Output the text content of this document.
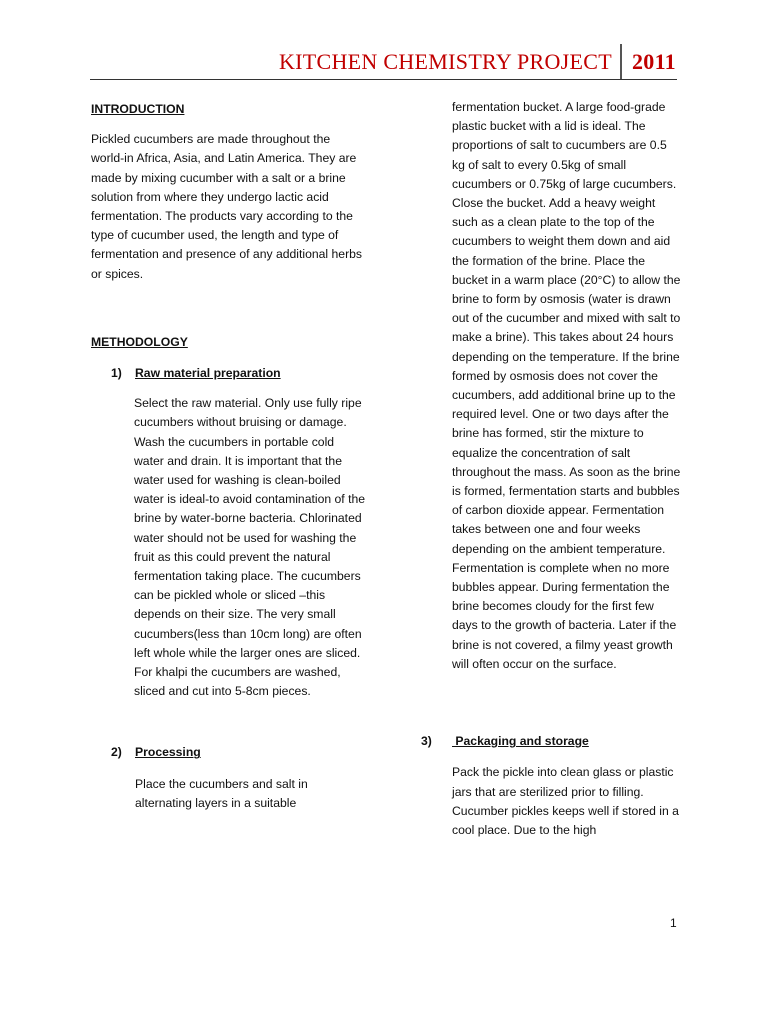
KITCHEN CHEMISTRY PROJECT 2011

INTRODUCTION

Pickled cucumbers are made throughout the world-in Africa, Asia, and Latin America. They are made by mixing cucumber with a salt or a brine solution from where they undergo lactic acid fermentation. The products vary according to the type of cucumber used, the length and type of fermentation and presence of any additional herbs or spices.

METHODOLOGY

1)	Raw material preparation

Select the raw material. Only use fully ripe cucumbers without bruising or damage. Wash the cucumbers in portable cold water and drain. It is important that the water used for washing is clean-boiled water is ideal-to avoid contamination of the brine by water-borne bacteria. Chlorinated water should not be used for washing the fruit as this could prevent the natural fermentation taking place. The cucumbers can be pickled whole or sliced –this depends on their size. The very small cucumbers(less than 10cm long) are often left whole while the larger ones are sliced. For khalpi the cucumbers are washed, sliced and cut into 5-8cm pieces.

2)	Processing

Place the cucumbers and salt in alternating layers in a suitable

fermentation bucket. A large food-grade plastic bucket with a lid is ideal. The proportions of salt to cucumbers are 0.5 kg of salt to every 0.5kg of small cucumbers or 0.75kg of large cucumbers. Close the bucket. Add a heavy weight such as a clean plate to the top of the cucumbers to weight them down and aid the formation of the brine. Place the bucket in a warm place (20°C) to allow the brine to form by osmosis (water is drawn out of the cucumber and mixed with salt to make a brine). This takes about 24 hours depending on the temperature. If the brine formed by osmosis does not cover the cucumbers, add additional brine up to the required level. One or two days after the brine has formed, stir the mixture to equalize the concentration of salt throughout the mass. As soon as the brine is formed, fermentation starts and bubbles of carbon dioxide appear. Fermentation takes between one and four weeks depending on the ambient temperature. Fermentation is complete when no more bubbles appear. During fermentation the brine becomes cloudy for the first few days to the growth of bacteria. Later if the brine is not covered, a filmy yeast growth will often occur on the surface.

3)	Packaging and storage

Pack the pickle into clean glass or plastic jars that are sterilized prior to filling. Cucumber pickles keeps well if stored in a cool place. Due to the high

1
